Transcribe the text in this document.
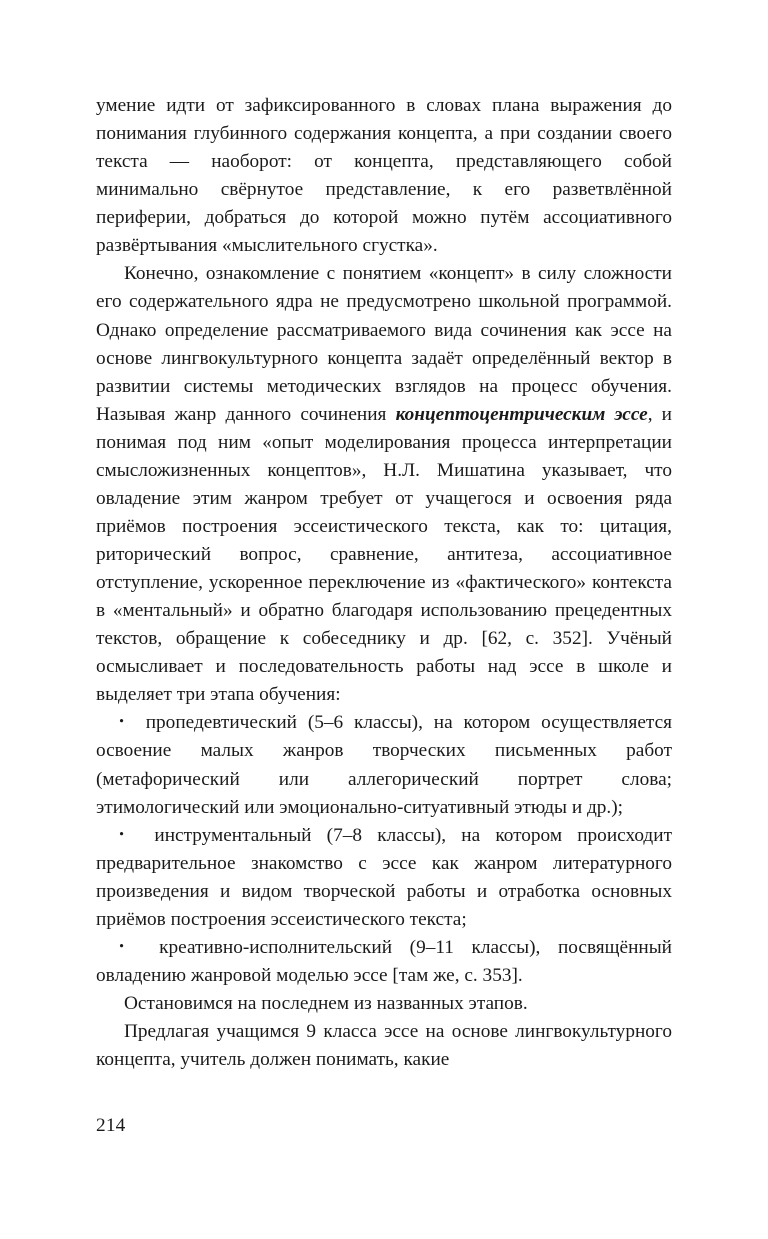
умение идти от зафиксированного в словах плана выражения до понимания глубинного содержания концепта, а при создании своего текста — наоборот: от концепта, представляющего собой минимально свёрнутое представление, к его разветвлённой периферии, добраться до которой можно путём ассоциативного развёртывания «мыслительного сгустка».

Конечно, ознакомление с понятием «концепт» в силу сложности его содержательного ядра не предусмотрено школьной программой. Однако определение рассматриваемого вида сочинения как эссе на основе лингвокультурного концепта задаёт определённый вектор в развитии системы методических взглядов на процесс обучения. Называя жанр данного сочинения концептоцентрическим эссе, и понимая под ним «опыт моделирования процесса интерпретации смысложизненных концептов», Н.Л. Мишатина указывает, что овладение этим жанром требует от учащегося и освоения ряда приёмов построения эссеистического текста, как то: цитация, риторический вопрос, сравнение, антитеза, ассоциативное отступление, ускоренное переключение из «фактического» контекста в «ментальный» и обратно благодаря использованию прецедентных текстов, обращение к собеседнику и др. [62, с. 352]. Учёный осмысливает и последовательность работы над эссе в школе и выделяет три этапа обучения:

• пропедевтический (5–6 классы), на котором осуществляется освоение малых жанров творческих письменных работ (метафорический или аллегорический портрет слова; этимологический или эмоционально-ситуативный этюды и др.);

• инструментальный (7–8 классы), на котором происходит предварительное знакомство с эссе как жанром литературного произведения и видом творческой работы и отработка основных приёмов построения эссеистического текста;

• креативно-исполнительский (9–11 классы), посвящённый овладению жанровой моделью эссе [там же, с. 353].

Остановимся на последнем из названных этапов.

Предлагая учащимся 9 класса эссе на основе лингвокультурного концепта, учитель должен понимать, какие

214
